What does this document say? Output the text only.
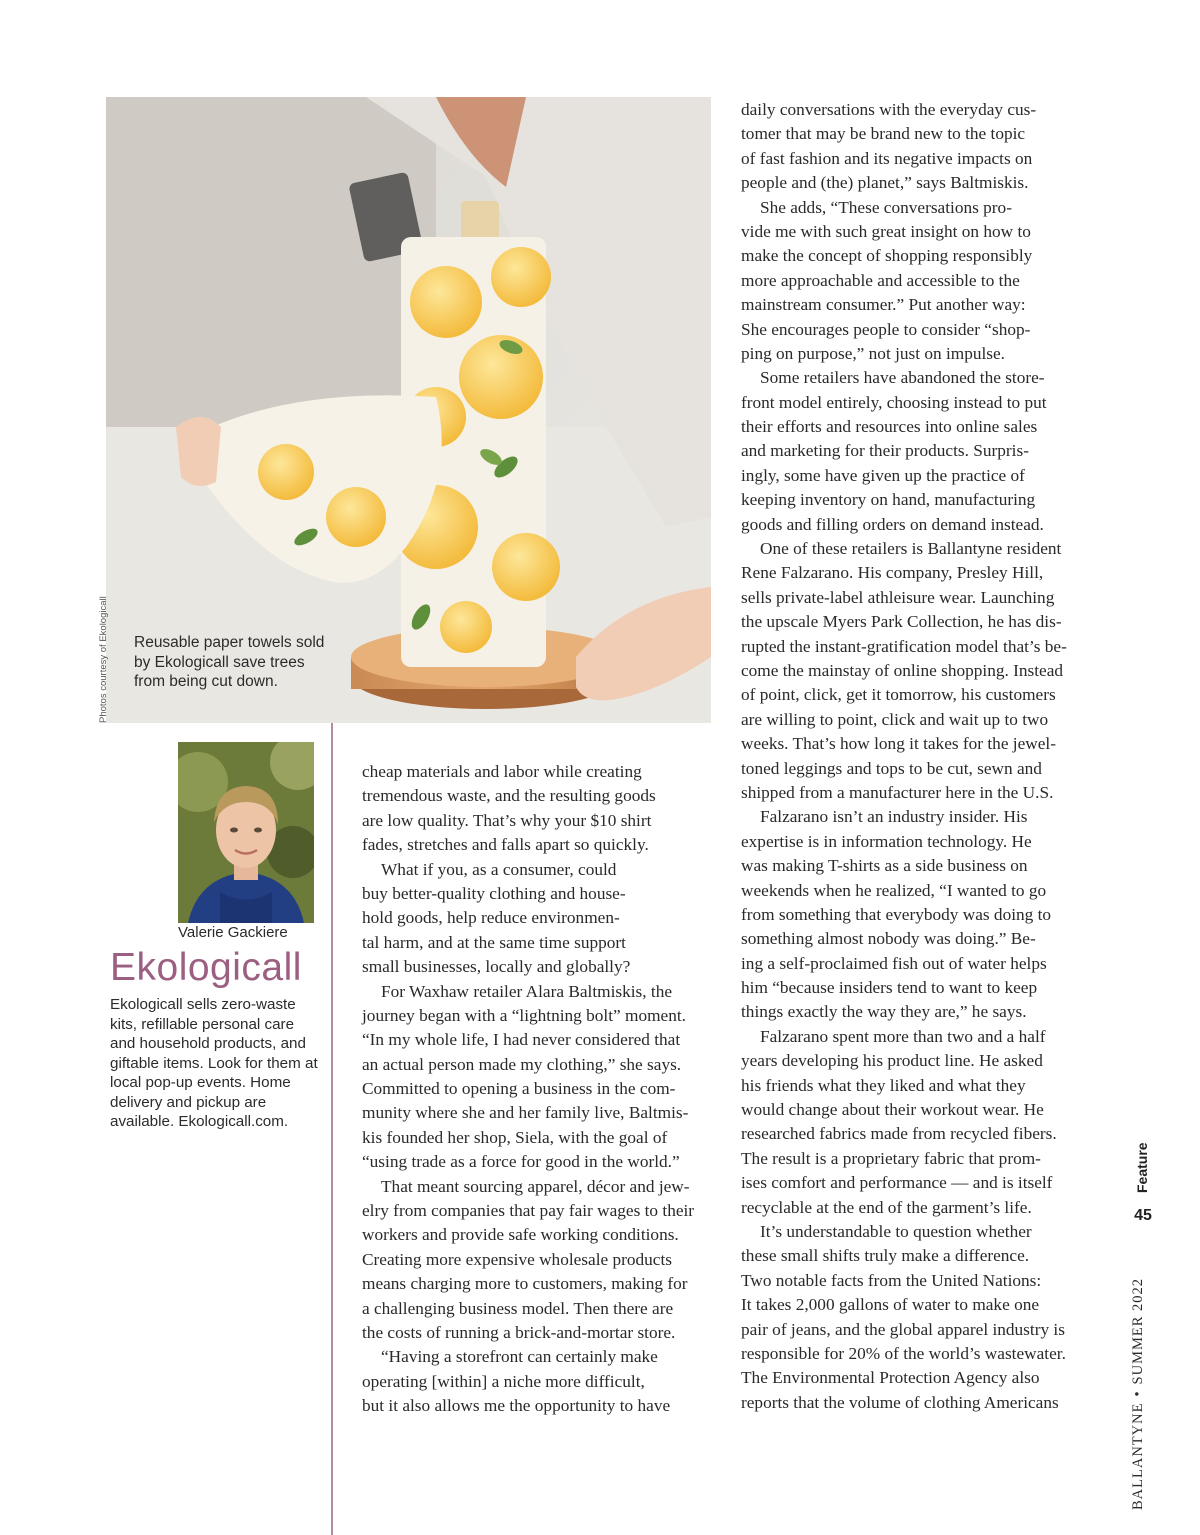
Reusable paper towels sold by Ekologicall save trees from being cut down.
Photos courtesy of Ekologicall
Valerie Gackiere
Ekologicall
Ekologicall sells zero-waste kits, refillable personal care and household products, and giftable items. Look for them at local pop-up events. Home delivery and pickup are available. Ekologicall.com.
cheap materials and labor while creating
tremendous waste, and the resulting goods
are low quality. That’s why your $10 shirt
fades, stretches and falls apart so quickly.
What if you, as a consumer, could
buy better-quality clothing and house-
hold goods, help reduce environmen-
tal harm, and at the same time support
small businesses, locally and globally?
For Waxhaw retailer Alara Baltmiskis, the
journey began with a “lightning bolt” moment.
“In my whole life, I had never considered that
an actual person made my clothing,” she says.
Committed to opening a business in the com-
munity where she and her family live, Baltmis-
kis founded her shop, Siela, with the goal of
“using trade as a force for good in the world.”
That meant sourcing apparel, décor and jew-
elry from companies that pay fair wages to their
workers and provide safe working conditions.
Creating more expensive wholesale products
means charging more to customers, making for
a challenging business model. Then there are
the costs of running a brick-and-mortar store.
“Having a storefront can certainly make
operating [within] a niche more difficult,
but it also allows me the opportunity to have
daily conversations with the everyday cus-
tomer that may be brand new to the topic
of fast fashion and its negative impacts on
people and (the) planet,” says Baltmiskis.
She adds, “These conversations pro-
vide me with such great insight on how to
make the concept of shopping responsibly
more approachable and accessible to the
mainstream consumer.” Put another way:
She encourages people to consider “shop-
ping on purpose,” not just on impulse.
Some retailers have abandoned the store-
front model entirely, choosing instead to put
their efforts and resources into online sales
and marketing for their products. Surpris-
ingly, some have given up the practice of
keeping inventory on hand, manufacturing
goods and filling orders on demand instead.
One of these retailers is Ballantyne resident
Rene Falzarano. His company, Presley Hill,
sells private-label athleisure wear. Launching
the upscale Myers Park Collection, he has dis-
rupted the instant-gratification model that’s be-
come the mainstay of online shopping. Instead
of point, click, get it tomorrow, his customers
are willing to point, click and wait up to two
weeks. That’s how long it takes for the jewel-
toned leggings and tops to be cut, sewn and
shipped from a manufacturer here in the U.S.
Falzarano isn’t an industry insider. His
expertise is in information technology. He
was making T-shirts as a side business on
weekends when he realized, “I wanted to go
from something that everybody was doing to
something almost nobody was doing.” Be-
ing a self-proclaimed fish out of water helps
him “because insiders tend to want to keep
things exactly the way they are,” he says.
Falzarano spent more than two and a half
years developing his product line. He asked
his friends what they liked and what they
would change about their workout wear. He
researched fabrics made from recycled fibers.
The result is a proprietary fabric that prom-
ises comfort and performance — and is itself
recyclable at the end of the garment’s life.
It’s understandable to question whether
these small shifts truly make a difference.
Two notable facts from the United Nations:
It takes 2,000 gallons of water to make one
pair of jeans, and the global apparel industry is
responsible for 20% of the world’s wastewater.
The Environmental Protection Agency also
reports that the volume of clothing Americans
BALLANTYNE•SUMMER 2022
45
Feature
